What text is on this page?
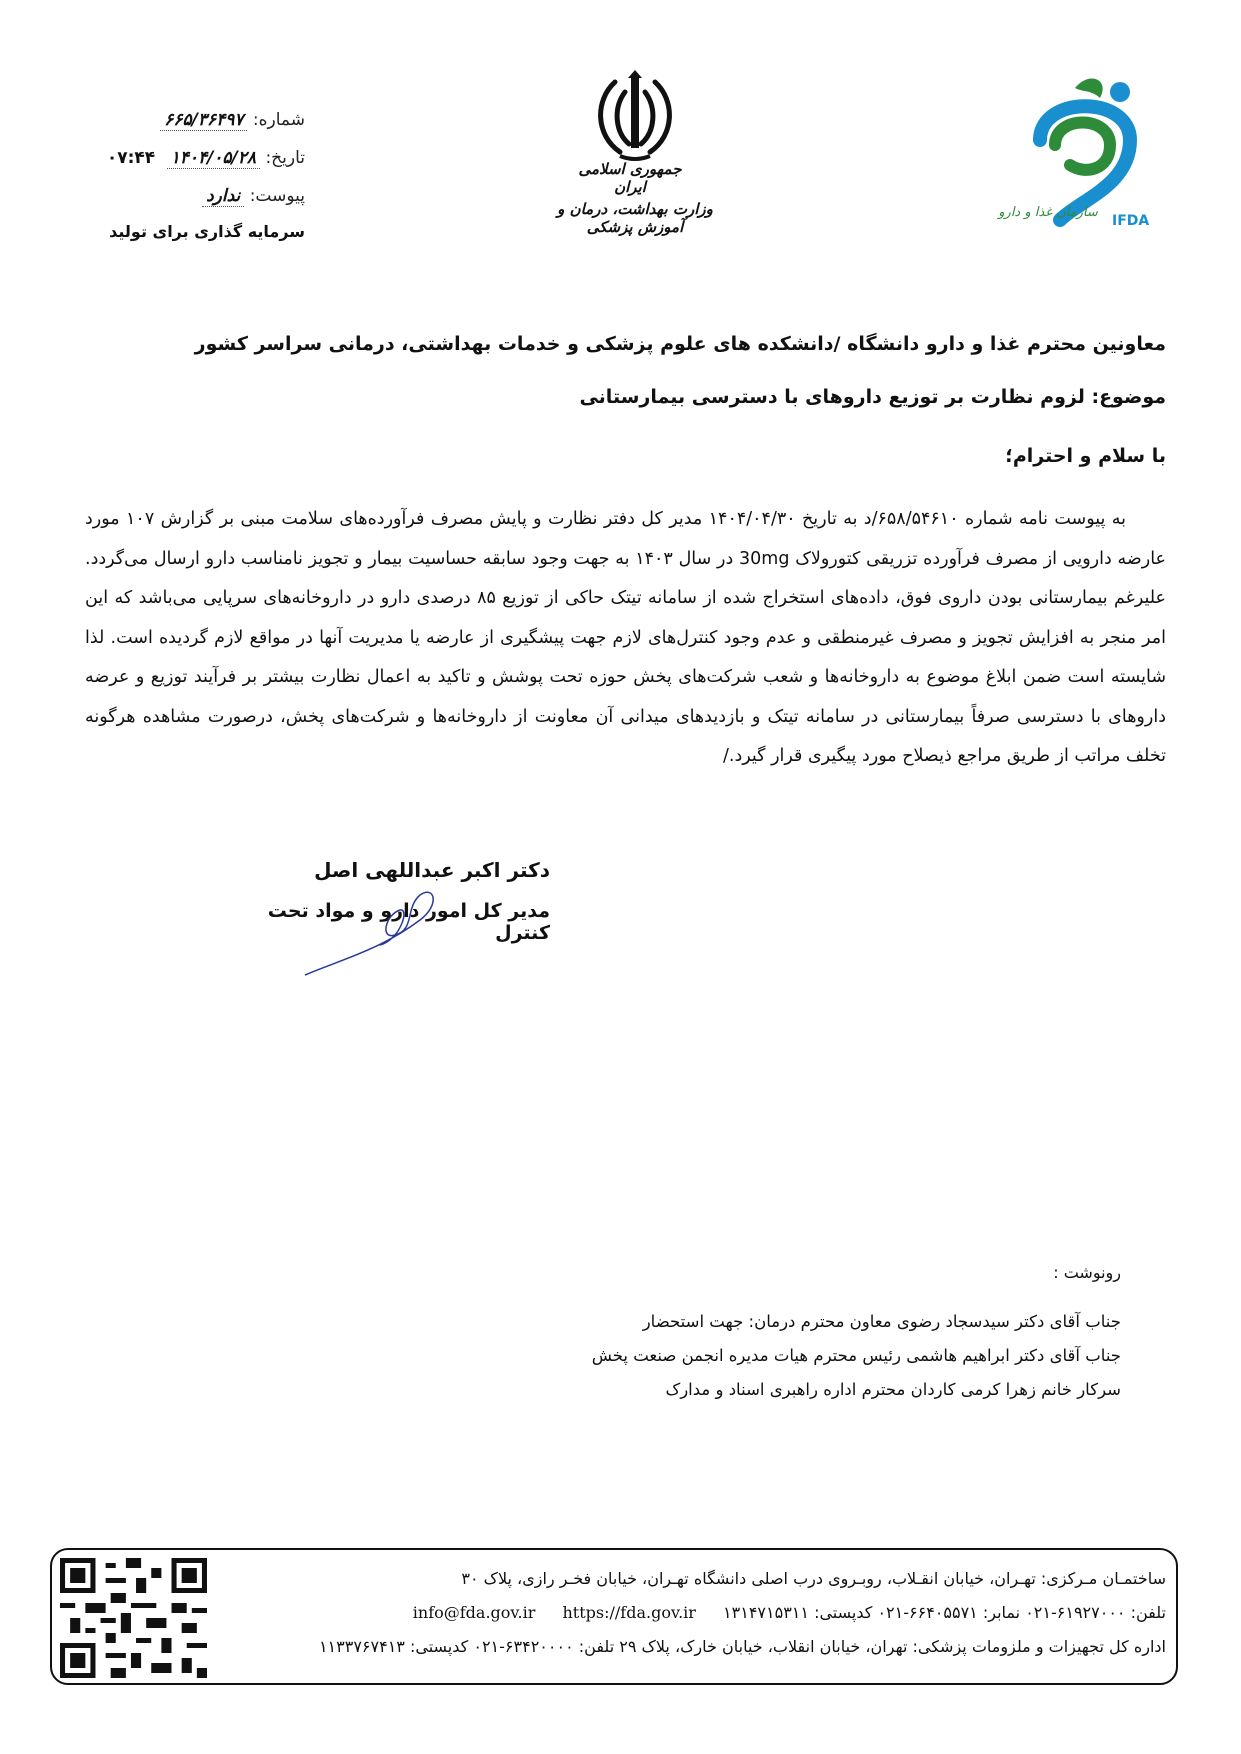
شماره: ۶۶۵/۳۶۴۹۷
تاریخ: ۱۴۰۴/۰۵/۲۸ ۰۷:۴۴
پیوست: ندارد
سرمایه گذاری برای تولید
جمهوری اسلامی ایران
وزارت بهداشت، درمان و آموزش پزشکی
سازمان غذا و دارو
IFDA
معاونین محترم غذا و دارو دانشگاه /دانشکده های علوم پزشکی و خدمات بهداشتی، درمانی سراسر کشور
موضوع: لزوم نظارت بر توزیع داروهای با دسترسی بیمارستانی
با سلام و احترام؛

به پیوست نامه شماره ۶۵۸/۵۴۶۱۰/د به تاریخ ۱۴۰۴/۰۴/۳۰ مدیر کل دفتر نظارت و پایش مصرف فرآورده‌های سلامت مبنی بر گزارش ۱۰۷ مورد عارضه دارویی از مصرف فرآورده تزریقی کتورولاک 30mg در سال ۱۴۰۳ به جهت وجود سابقه حساسیت بیمار و تجویز نامناسب دارو ارسال می‌گردد. علیرغم بیمارستانی بودن داروی فوق، داده‌های استخراج شده از سامانه تیتک حاکی از توزیع ۸۵ درصدی دارو در داروخانه‌های سرپایی می‌باشد که این امر منجر به افزایش تجویز و مصرف غیرمنطقی و عدم وجود کنترل‌های لازم جهت پیشگیری از عارضه یا مدیریت آنها در مواقع لازم گردیده است. لذا شایسته است ضمن ابلاغ موضوع به داروخانه‌ها و شعب شرکت‌های پخش حوزه تحت پوشش و تاکید به اعمال نظارت بیشتر بر فرآیند توزیع و عرضه داروهای با دسترسی صرفاً بیمارستانی در سامانه تیتک و بازدیدهای میدانی آن معاونت از داروخانه‌ها و شرکت‌های پخش، درصورت مشاهده هرگونه تخلف مراتب از طریق مراجع ذیصلاح مورد پیگیری قرار گیرد./

دکتر اکبر عبداللهی اصل
مدیر کل امور دارو و مواد تحت کنترل
رونوشت :
جناب آقای دکتر سیدسجاد رضوی معاون محترم درمان: جهت استحضار
جناب آقای دکتر ابراهیم هاشمی رئیس محترم هیات مدیره انجمن صنعت پخش
سرکار خانم زهرا کرمی کاردان محترم اداره راهبری اسناد و مدارک
ساختمـان مـرکزی: تهـران، خیابان انقـلاب، روبـروی درب اصلی دانشگاه تهـران، خیابان فخـر رازی، پلاک ۳۰
تلفن: ۶۱۹۲۷۰۰۰-۰۲۱ نمابر: ۶۶۴۰۵۵۷۱-۰۲۱ کدپستی: ۱۳۱۴۷۱۵۳۱۱ info@fda.gov.ir https://fda.gov.ir
اداره کل تجهیزات و ملزومات پزشکی: تهران، خیابان انقلاب، خیابان خارک، پلاک ۲۹ تلفن: ۶۳۴۲۰۰۰۰-۰۲۱ کدپستی: ۱۱۳۳۷۶۷۴۱۳
